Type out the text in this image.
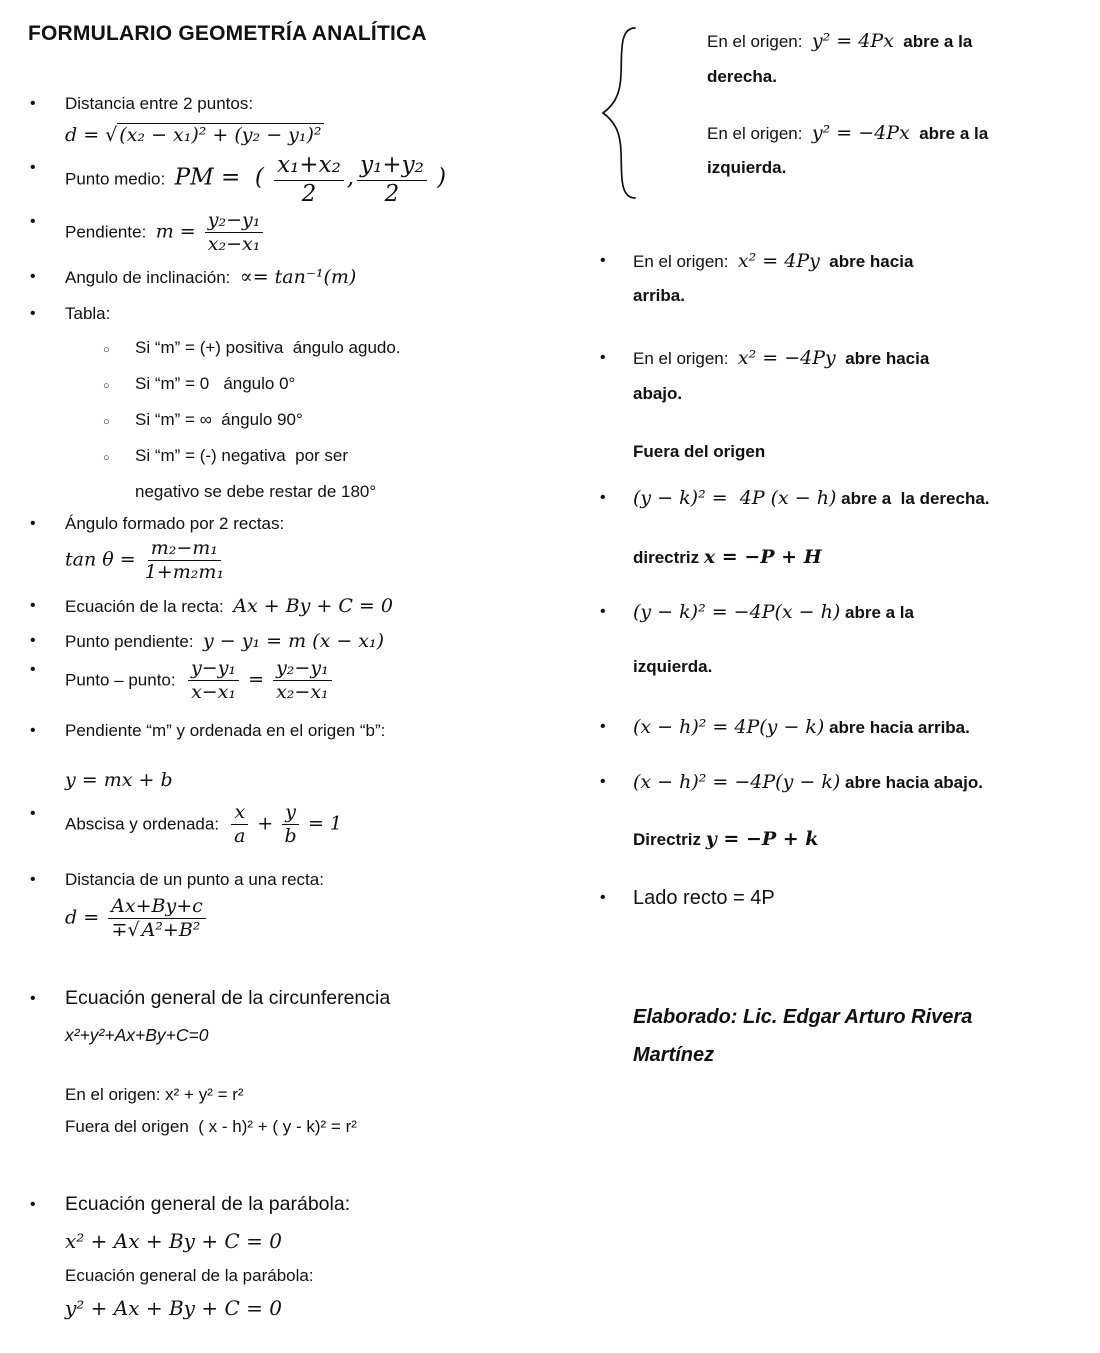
FORMULARIO GEOMETRÍA ANALÍTICA
•	Distancia entre 2 puntos:
d = √ (x₂ − x₁)² + (y₂ − y₁)²
•
Punto medio:  PM =  ( $\frac{\text{x₁+x₂}}{2}$ , $\frac{\text{y₁+y₂}}{2}$ )
•
Pendiente:  $m = \frac{\text{y₂−y₁}}{\text{x₂−x₁}}$
•	Angulo de inclinación:  ∝= tan⁻¹(m)
•	Tabla:
○	Si “m” = (+) positiva  ángulo agudo.
○	Si “m” = 0   ángulo 0°
○	Si “m” = ∞  ángulo 90°
○	Si “m” = (-) negativa  por ser
negativo se debe restar de 180°
•	Ángulo formado por 2 rectas:
$\tan \theta = \frac{\text{m₂−m₁}}{\text{1+m₂m₁}}$
•	Ecuación de la recta:  Ax + By + C = 0
•	Punto pendiente:  y − y₁ = m (x − x₁)
•
Punto – punto: $\frac{\text{y−y₁}}{\text{x−x₁}} = \frac{\text{y₂−y₁}}{\text{x₂−x₁}}$
•	Pendiente “m” y ordenada en el origen “b”:
y = mx + b
•
Abscisa y ordenada: $\frac{x}{a} + \frac{y}{b} = 1$
•	Distancia de un punto a una recta:
$d = \frac{Ax+By+c}{\text{∓√ A²+B²}}$
•	Ecuación general de la circunferencia
x²+y²+Ax+By+C=0
En el origen: x² + y² = r²
Fuera del origen  ( x - h)² + ( y - k)² = r²
•	Ecuación general de la parábola:
x² + Ax + By + C = 0
Ecuación general de la parábola:
y² + Ax + By + C = 0
En el origen:  y² = 4Px  abre a la
derecha.
En el origen:  y² = −4Px  abre a la
izquierda.
•	En el origen:  x² = 4Py  abre hacia
arriba.
•	En el origen:  x² = −4Py  abre hacia
abajo.
Fuera del origen
•	(y − k)² =  4P (x − h) abre a  la derecha.
directriz x = −P + H
•	(y − k)² = −4P(x − h) abre a la
izquierda.
•	(x − h)² = 4P(y − k) abre hacia arriba.
•	(x − h)² = −4P(y − k) abre hacia abajo.
Directriz y = −P + k
•	Lado recto = 4P
Elaborado: Lic. Edgar Arturo Rivera Martínez
